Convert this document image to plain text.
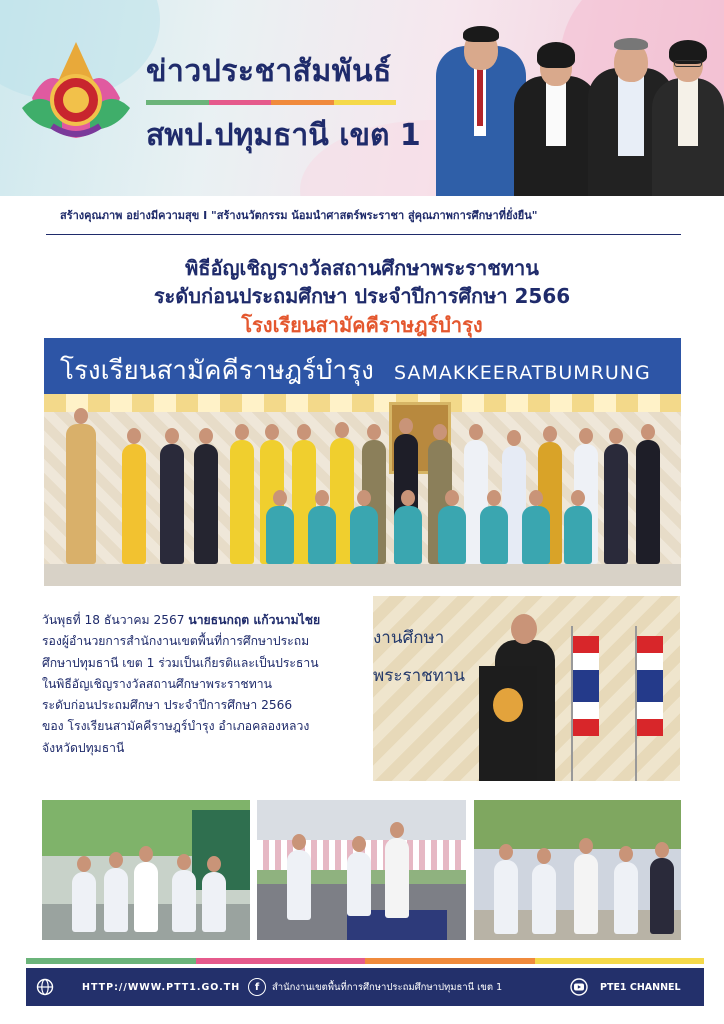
ข่าวประชาสัมพันธ์
สพป.ปทุมธานี เขต 1
สร้างคุณภาพ อย่างมีความสุข I "สร้างนวัตกรรม น้อมนำศาสตร์พระราชา สู่คุณภาพการศึกษาที่ยั่งยืน"
พิธีอัญเชิญรางวัลสถานศึกษาพระราชทาน
ระดับก่อนประถมศึกษา ประจำปีการศึกษา 2566
โรงเรียนสามัคคีราษฎร์บำรุง
โรงเรียนสามัคคีราษฎร์บำรุง SAMAKKEERATBUMRUNG
วันพุธที่ 18 ธันวาคม 2567 นายธนกฤต แก้วนามไชย
รองผู้อำนวยการสำนักงานเขตพื้นที่การศึกษาประถม
ศึกษาปทุมธานี เขต 1 ร่วมเป็นเกียรติและเป็นประธาน
ในพิธีอัญเชิญรางวัลสถานศึกษาพระราชทาน
ระดับก่อนประถมศึกษา ประจำปีการศึกษา 2566
ของ โรงเรียนสามัคคีราษฎร์บำรุง อำเภอคลองหลวง
จังหวัดปทุมธานี
งานศึกษา
พระราชทาน
HTTP://WWW.PTT1.GO.TH	f	สำนักงานเขตพื้นที่การศึกษาประถมศึกษาปทุมธานี เขต 1	PTE1 CHANNEL
